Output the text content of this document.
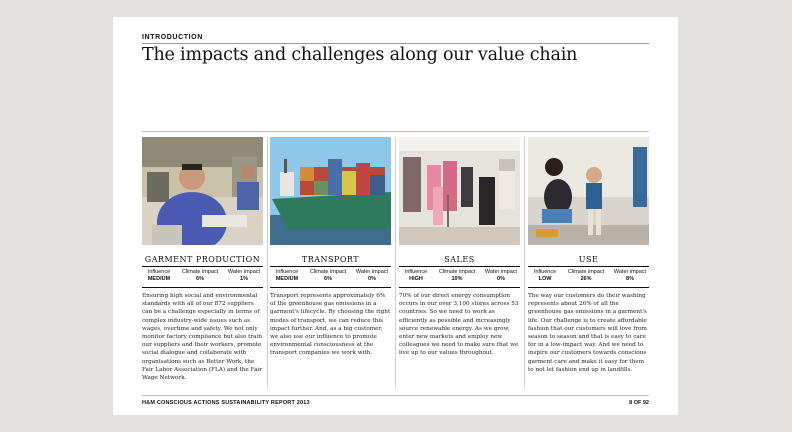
INTRODUCTION
The impacts and challenges along our value chain
GARMENT PRODUCTION
Influence
MEDIUM
Climate impact
6%
Water impact
1%
Ensuring high social and environmental standards with all of our 872 suppliers can be a challenge especially in terms of complex industry-wide issues such as wages, overtime and safety. We not only monitor factory compliance but also train our suppliers and their workers, promote social dialogue and collaborate with organisations such as Better Work, the Fair Labor Association (FLA) and the Fair Wage Network.
TRANSPORT
Influence
MEDIUM
Climate impact
6%
Water impact
0%
Transport represents approximately 6% of the greenhouse gas emissions in a garment's lifecycle. By choosing the right modes of transport, we can reduce this impact further. And, as a big customer, we also use our influence to promote environmental consciousness at the transport companies we work with.
SALES
Influence
HIGH
Climate impact
10%
Water impact
0%
70% of our direct energy consumption occurs in our over 3,100 stores across 53 countries. So we need to work as efficiently as possible and increasingly source renewable energy. As we grow, enter new markets and employ new colleagues we need to make sure that we live up to our values throughout.
USE
Influence
LOW
Climate impact
26%
Water impact
8%
The way our customers do their washing represents about 26% of all the greenhouse gas emissions in a garment's life. Our challenge is to create affordable fashion that our customers will love from season to season and that is easy to care for in a low-impact way. And we need to inspire our customers towards conscious garment care and make it easy for them to not let fashion end up in landfills.
H&M CONSCIOUS ACTIONS SUSTAINABILITY REPORT 2013	8 OF 92
